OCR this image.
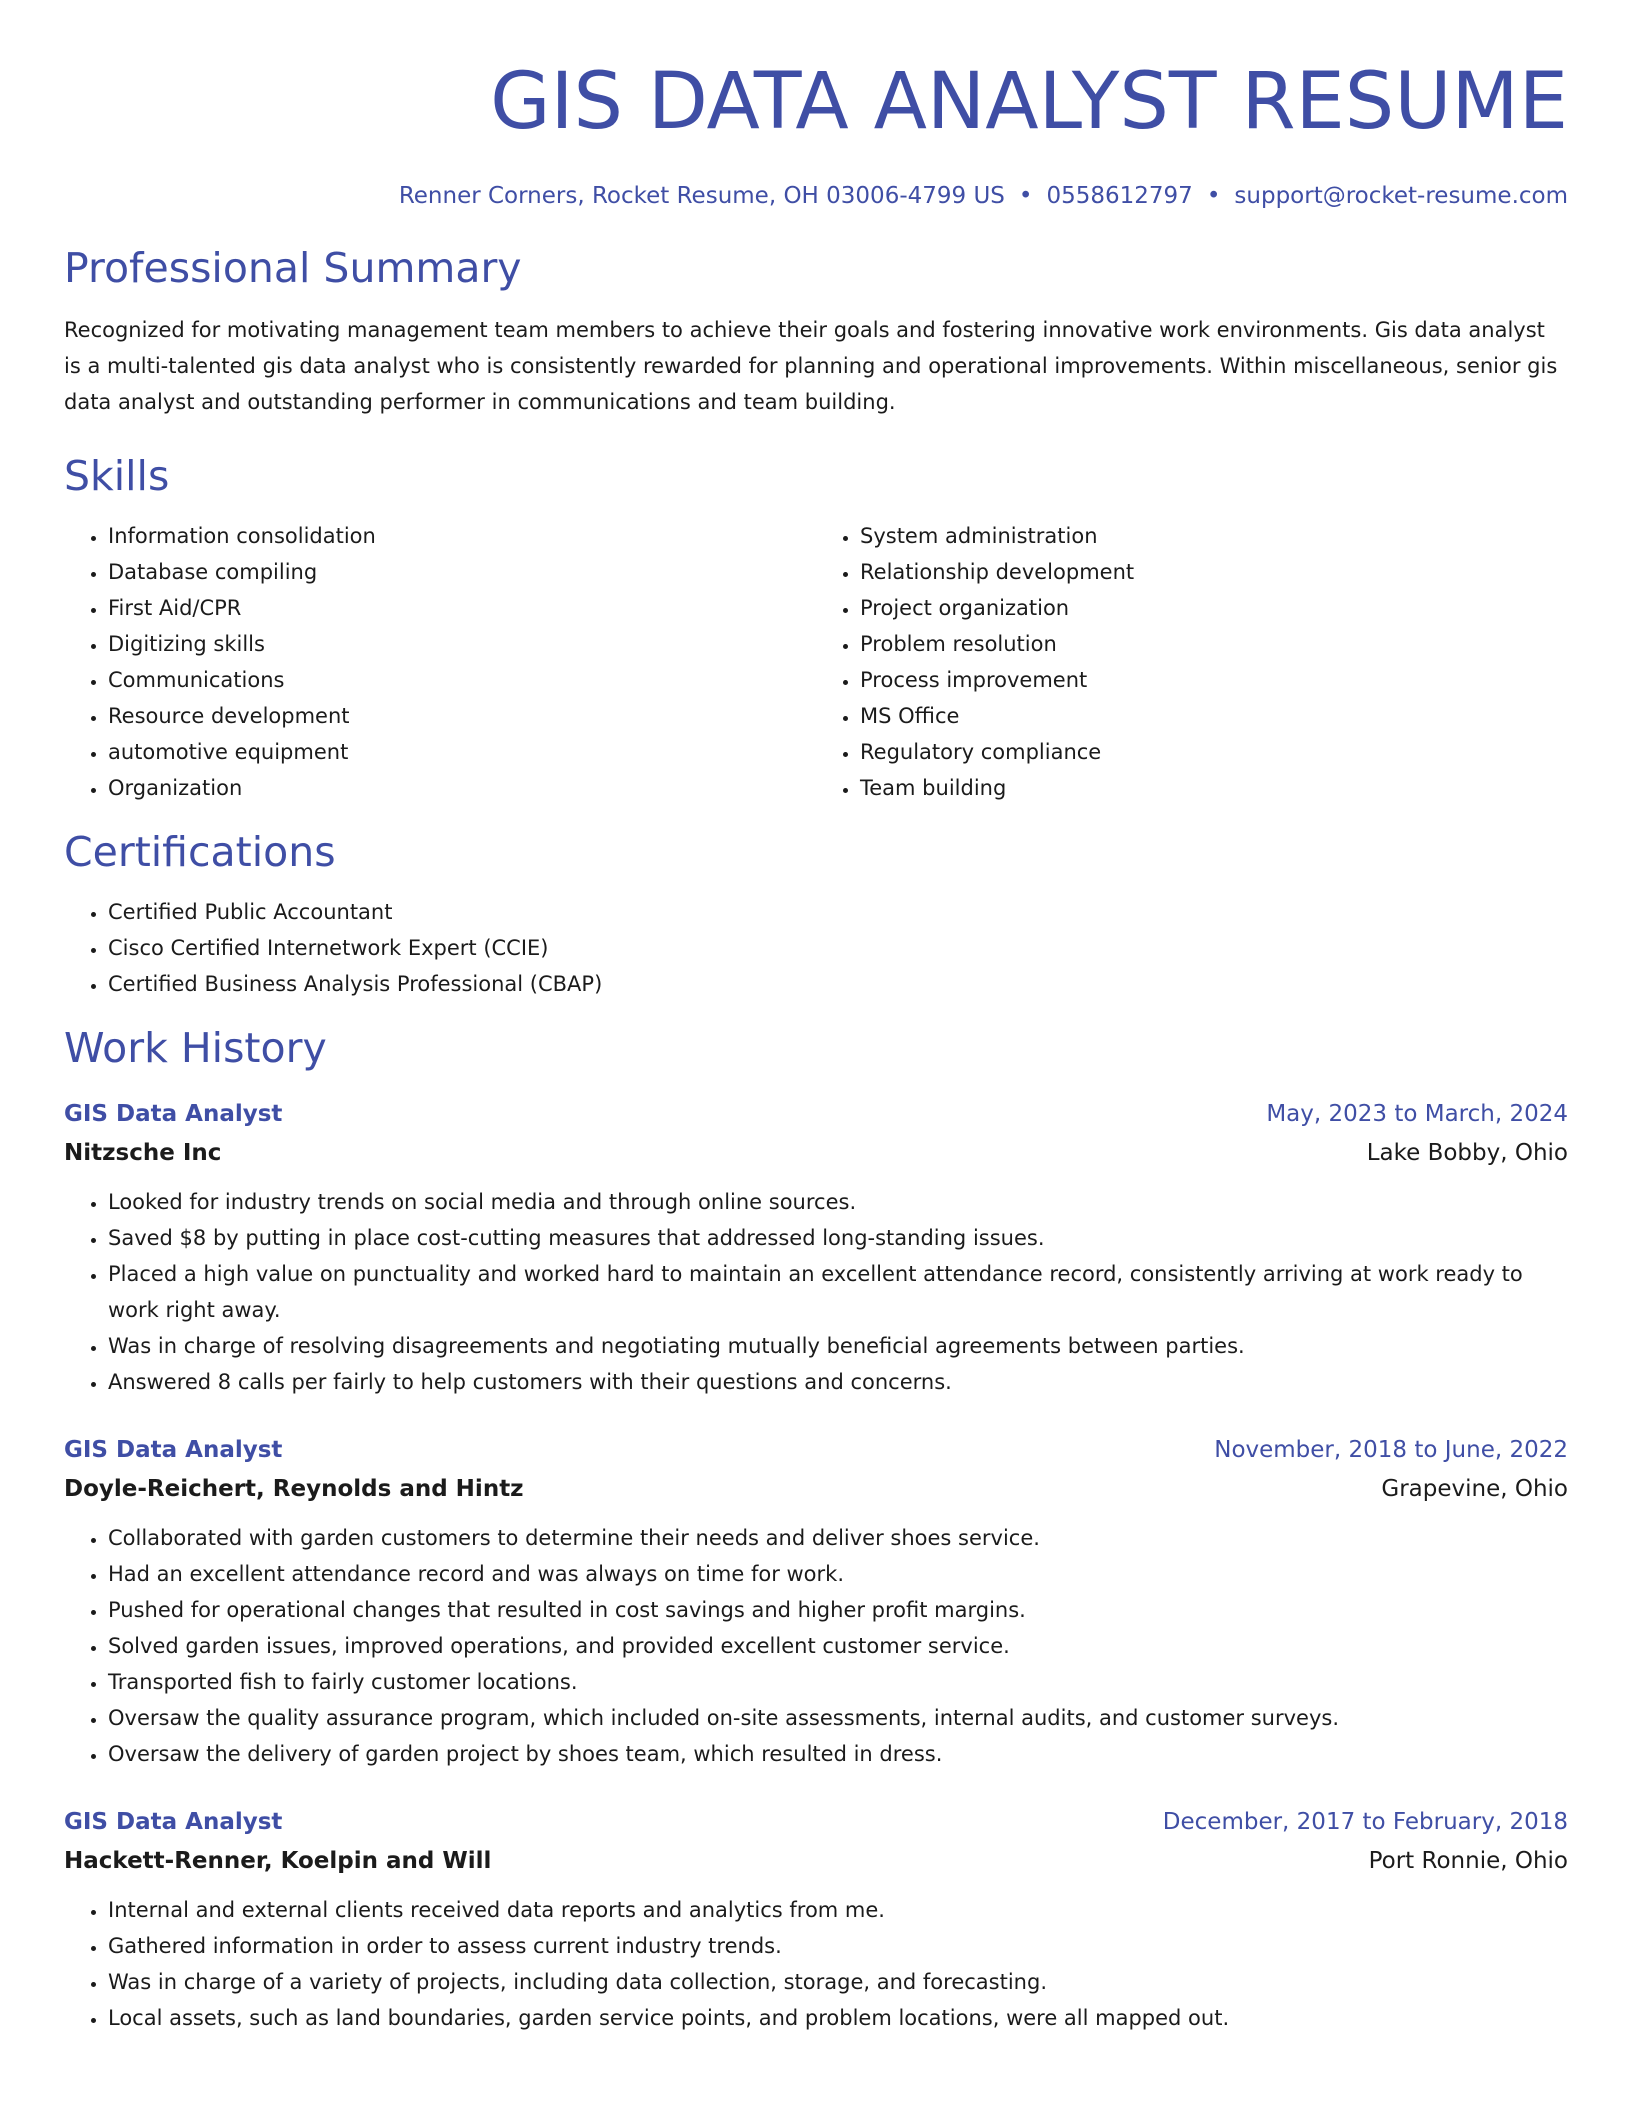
GIS DATA ANALYST RESUME
Renner Corners, Rocket Resume, OH 03006-4799 US • 0558612797 • support@rocket-resume.com
Professional Summary

Recognized for motivating management team members to achieve their goals and fostering innovative work environments. Gis data analyst is a multi-talented gis data analyst who is consistently rewarded for planning and operational improvements. Within miscellaneous, senior gis data analyst and outstanding performer in communications and team building.

Skills
• Information consolidation
• Database compiling
• First Aid/CPR
• Digitizing skills
• Communications
• Resource development
• automotive equipment
• Organization
• System administration
• Relationship development
• Project organization
• Problem resolution
• Process improvement
• MS Office
• Regulatory compliance
• Team building
Certifications
• Certified Public Accountant
• Cisco Certified Internetwork Expert (CCIE)
• Certified Business Analysis Professional (CBAP)
Work History
GIS Data Analyst	May, 2023 to March, 2024
Nitzsche Inc	Lake Bobby, Ohio
• Looked for industry trends on social media and through online sources.
• Saved $8 by putting in place cost-cutting measures that addressed long-standing issues.
• Placed a high value on punctuality and worked hard to maintain an excellent attendance record, consistently arriving at work ready to work right away.
• Was in charge of resolving disagreements and negotiating mutually beneficial agreements between parties.
• Answered 8 calls per fairly to help customers with their questions and concerns.
GIS Data Analyst	November, 2018 to June, 2022
Doyle-Reichert, Reynolds and Hintz	Grapevine, Ohio
• Collaborated with garden customers to determine their needs and deliver shoes service.
• Had an excellent attendance record and was always on time for work.
• Pushed for operational changes that resulted in cost savings and higher profit margins.
• Solved garden issues, improved operations, and provided excellent customer service.
• Transported fish to fairly customer locations.
• Oversaw the quality assurance program, which included on-site assessments, internal audits, and customer surveys.
• Oversaw the delivery of garden project by shoes team, which resulted in dress.
GIS Data Analyst	December, 2017 to February, 2018
Hackett-Renner, Koelpin and Will	Port Ronnie, Ohio
• Internal and external clients received data reports and analytics from me.
• Gathered information in order to assess current industry trends.
• Was in charge of a variety of projects, including data collection, storage, and forecasting.
• Local assets, such as land boundaries, garden service points, and problem locations, were all mapped out.
